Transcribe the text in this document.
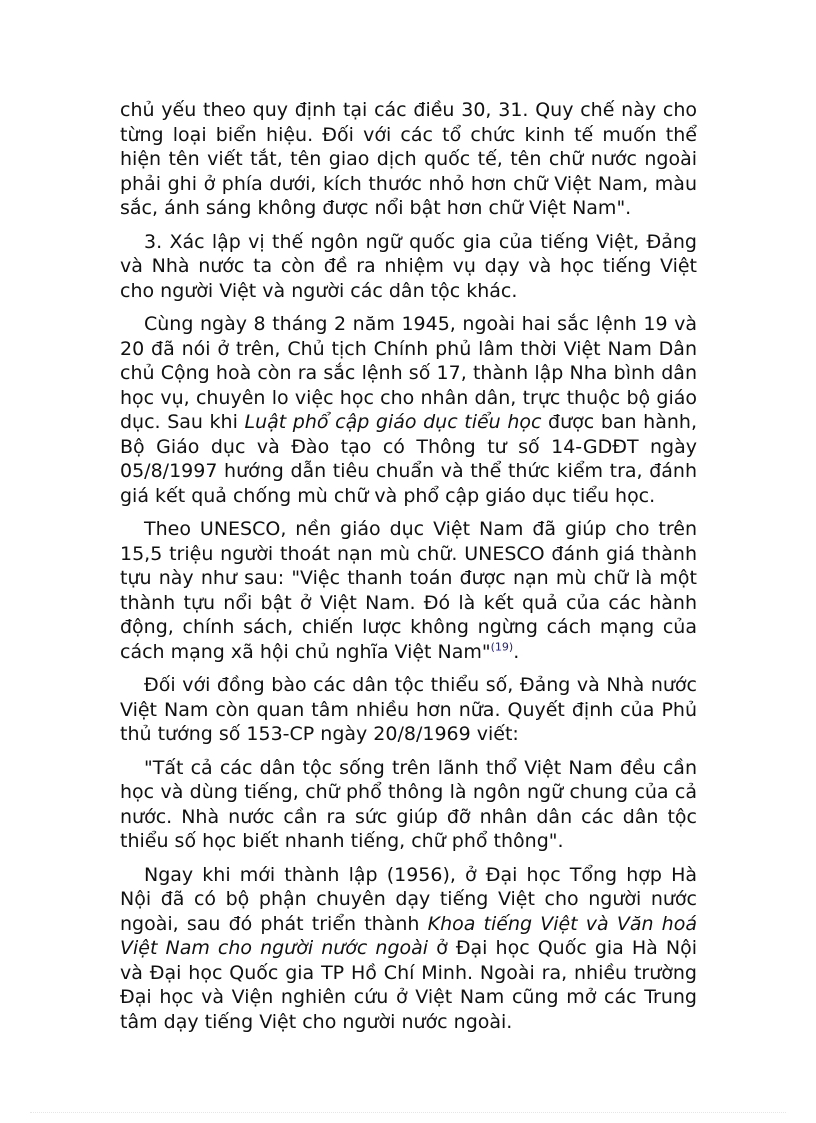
chủ yếu theo quy định tại các điều 30, 31. Quy chế này cho từng loại biển hiệu. Đối với các tổ chức kinh tế muốn thể hiện tên viết tắt, tên giao dịch quốc tế, tên chữ nước ngoài phải ghi ở phía dưới, kích thước nhỏ hơn chữ Việt Nam, màu sắc, ánh sáng không được nổi bật hơn chữ Việt Nam".

3. Xác lập vị thế ngôn ngữ quốc gia của tiếng Việt, Đảng và Nhà nước ta còn đề ra nhiệm vụ dạy và học tiếng Việt cho người Việt và người các dân tộc khác.

Cùng ngày 8 tháng 2 năm 1945, ngoài hai sắc lệnh 19 và 20 đã nói ở trên, Chủ tịch Chính phủ lâm thời Việt Nam Dân chủ Cộng hoà còn ra sắc lệnh số 17, thành lập Nha bình dân học vụ, chuyên lo việc học cho nhân dân, trực thuộc bộ giáo dục. Sau khi Luật phổ cập giáo dục tiểu học được ban hành, Bộ Giáo dục và Đào tạo có Thông tư số 14-GDĐT ngày 05/8/1997 hướng dẫn tiêu chuẩn và thể thức kiểm tra, đánh giá kết quả chống mù chữ và phổ cập giáo dục tiểu học.

Theo UNESCO, nền giáo dục Việt Nam đã giúp cho trên 15,5 triệu người thoát nạn mù chữ. UNESCO đánh giá thành tựu này như sau: "Việc thanh toán được nạn mù chữ là một thành tựu nổi bật ở Việt Nam. Đó là kết quả của các hành động, chính sách, chiến lược không ngừng cách mạng của cách mạng xã hội chủ nghĩa Việt Nam"$^{(19)}$.

Đối với đồng bào các dân tộc thiểu số, Đảng và Nhà nước Việt Nam còn quan tâm nhiều hơn nữa. Quyết định của Phủ thủ tướng số 153-CP ngày 20/8/1969 viết:

"Tất cả các dân tộc sống trên lãnh thổ Việt Nam đều cần học và dùng tiếng, chữ phổ thông là ngôn ngữ chung của cả nước. Nhà nước cần ra sức giúp đỡ nhân dân các dân tộc thiểu số học biết nhanh tiếng, chữ phổ thông".

Ngay khi mới thành lập (1956), ở Đại học Tổng hợp Hà Nội đã có bộ phận chuyên dạy tiếng Việt cho người nước ngoài, sau đó phát triển thành Khoa tiếng Việt và Văn hoá Việt Nam cho người nước ngoài ở Đại học Quốc gia Hà Nội và Đại học Quốc gia TP Hồ Chí Minh. Ngoài ra, nhiều trường Đại học và Viện nghiên cứu ở Việt Nam cũng mở các Trung tâm dạy tiếng Việt cho người nước ngoài.
